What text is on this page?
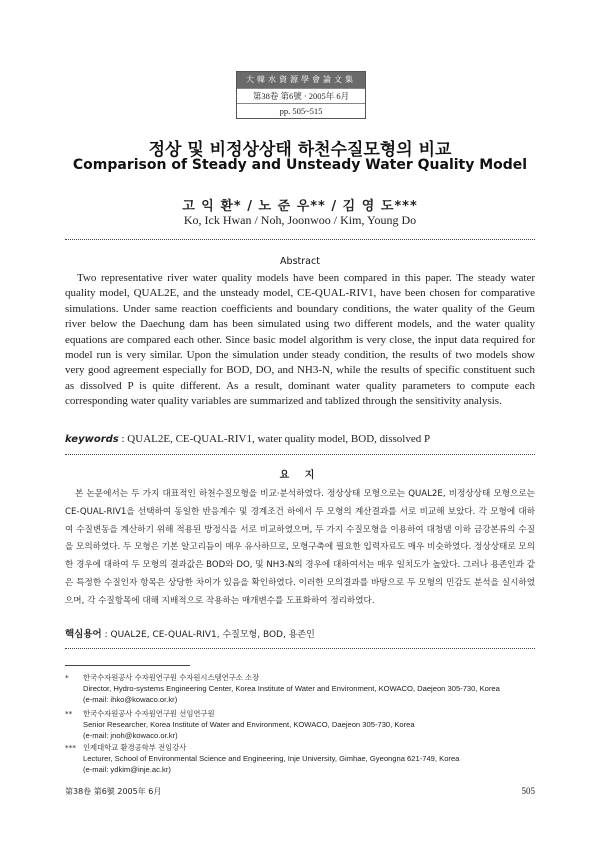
大韓水資源學會論文集
第38卷 第6號 · 2005年 6月
pp. 505~515
정상 및 비정상상태 하천수질모형의 비교
Comparison of Steady and Unsteady Water Quality Model
고 익 환* / 노 준 우** / 김 영 도***
Ko, Ick Hwan / Noh, Joonwoo / Kim, Young Do
Abstract
Two representative river water quality models have been compared in this paper. The steady water quality model, QUAL2E, and the unsteady model, CE-QUAL-RIV1, have been chosen for comparative simulations. Under same reaction coefficients and boundary conditions, the water quality of the Geum river below the Daechung dam has been simulated using two different models, and the water quality equations are compared each other. Since basic model algorithm is very close, the input data required for model run is very similar. Upon the simulation under steady condition, the results of two models show very good agreement especially for BOD, DO, and NH3-N, while the results of specific constituent such as dissolved P is quite different. As a result, dominant water quality parameters to compute each corresponding water quality variables are summarized and tablized through the sensitivity analysis.
keywords : QUAL2E, CE-QUAL-RIV1, water quality model, BOD, dissolved P
요 지
본 논문에서는 두 가지 대표적인 하천수질모형을 비교·분석하였다. 정상상태 모형으로는 QUAL2E, 비정상상태 모형으로는 CE-QUAL-RIV1을 선택하여 동일한 반응계수 및 경계조건 하에서 두 모형의 계산결과를 서로 비교해 보았다. 각 모형에 대하여 수질변동을 계산하기 위해 적용된 방정식을 서로 비교하였으며, 두 가지 수질모형을 이용하여 대청댐 이하 금강본류의 수질을 모의하였다. 두 모형은 기본 알고리듬이 매우 유사하므로, 모형구축에 필요한 입력자료도 매우 비슷하였다. 정상상태로 모의한 경우에 대하여 두 모형의 결과값은 BOD와 DO, 및 NH3-N의 경우에 대하여서는 매우 일치도가 높았다. 그러나 용존인과 같은 특정한 수질인자 항목은 상당한 차이가 있음을 확인하였다. 이러한 모의결과를 바탕으로 두 모형의 민감도 분석을 실시하였으며, 각 수질항목에 대해 지배적으로 작용하는 매개변수를 도표화하여 정리하였다.
핵심용어 : QUAL2E, CE-QUAL-RIV1, 수질모형, BOD, 용존인
* 한국수자원공사 수자원연구원 수자원시스템연구소 소장
Director, Hydro-systems Engineering Center, Korea Institute of Water and Environment, KOWACO, Daejeon 305-730, Korea
(e-mail: ihko@kowaco.or.kr)
** 한국수자원공사 수자원연구원 선임연구원
Senior Researcher, Korea Institute of Water and Environment, KOWACO, Daejeon 305-730, Korea
(e-mail: jnoh@kowaco.or.kr)
*** 인제대학교 환경공학부 전임강사
Lecturer, School of Environmental Science and Engineering, Inje University, Gimhae, Gyeongna 621-749, Korea
(e-mail: ydkim@inje.ac.kr)
第38卷 第6號 2005年 6月	505
